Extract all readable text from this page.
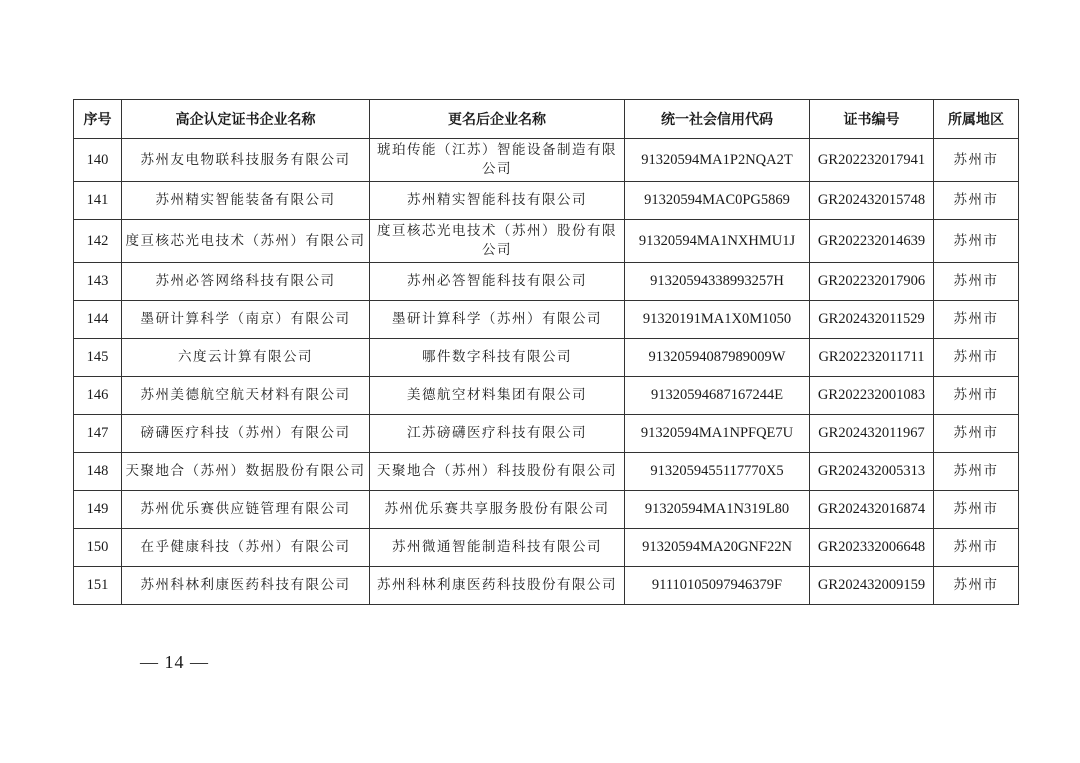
序号	高企认定证书企业名称	更名后企业名称	统一社会信用代码	证书编号	所属地区
140	苏州友电物联科技服务有限公司	琥珀传能（江苏）智能设备制造有限公司	91320594MA1P2NQA2T	GR202232017941	苏州市
141	苏州精实智能装备有限公司	苏州精实智能科技有限公司	91320594MAC0PG5869	GR202432015748	苏州市
142	度亘核芯光电技术（苏州）有限公司	度亘核芯光电技术（苏州）股份有限公司	91320594MA1NXHMU1J	GR202232014639	苏州市
143	苏州必答网络科技有限公司	苏州必答智能科技有限公司	91320594338993257H	GR202232017906	苏州市
144	墨研计算科学（南京）有限公司	墨研计算科学（苏州）有限公司	91320191MA1X0M1050	GR202432011529	苏州市
145	六度云计算有限公司	哪件数字科技有限公司	91320594087989009W	GR202232011711	苏州市
146	苏州美德航空航天材料有限公司	美德航空材料集团有限公司	91320594687167244E	GR202232001083	苏州市
147	磅礴医疗科技（苏州）有限公司	江苏磅礴医疗科技有限公司	91320594MA1NPFQE7U	GR202432011967	苏州市
148	天聚地合（苏州）数据股份有限公司	天聚地合（苏州）科技股份有限公司	9132059455117770X5	GR202432005313	苏州市
149	苏州优乐赛供应链管理有限公司	苏州优乐赛共享服务股份有限公司	91320594MA1N319L80	GR202432016874	苏州市
150	在乎健康科技（苏州）有限公司	苏州微通智能制造科技有限公司	91320594MA20GNF22N	GR202332006648	苏州市
151	苏州科林利康医药科技有限公司	苏州科林利康医药科技股份有限公司	91110105097946379F	GR202432009159	苏州市
— 14 —
